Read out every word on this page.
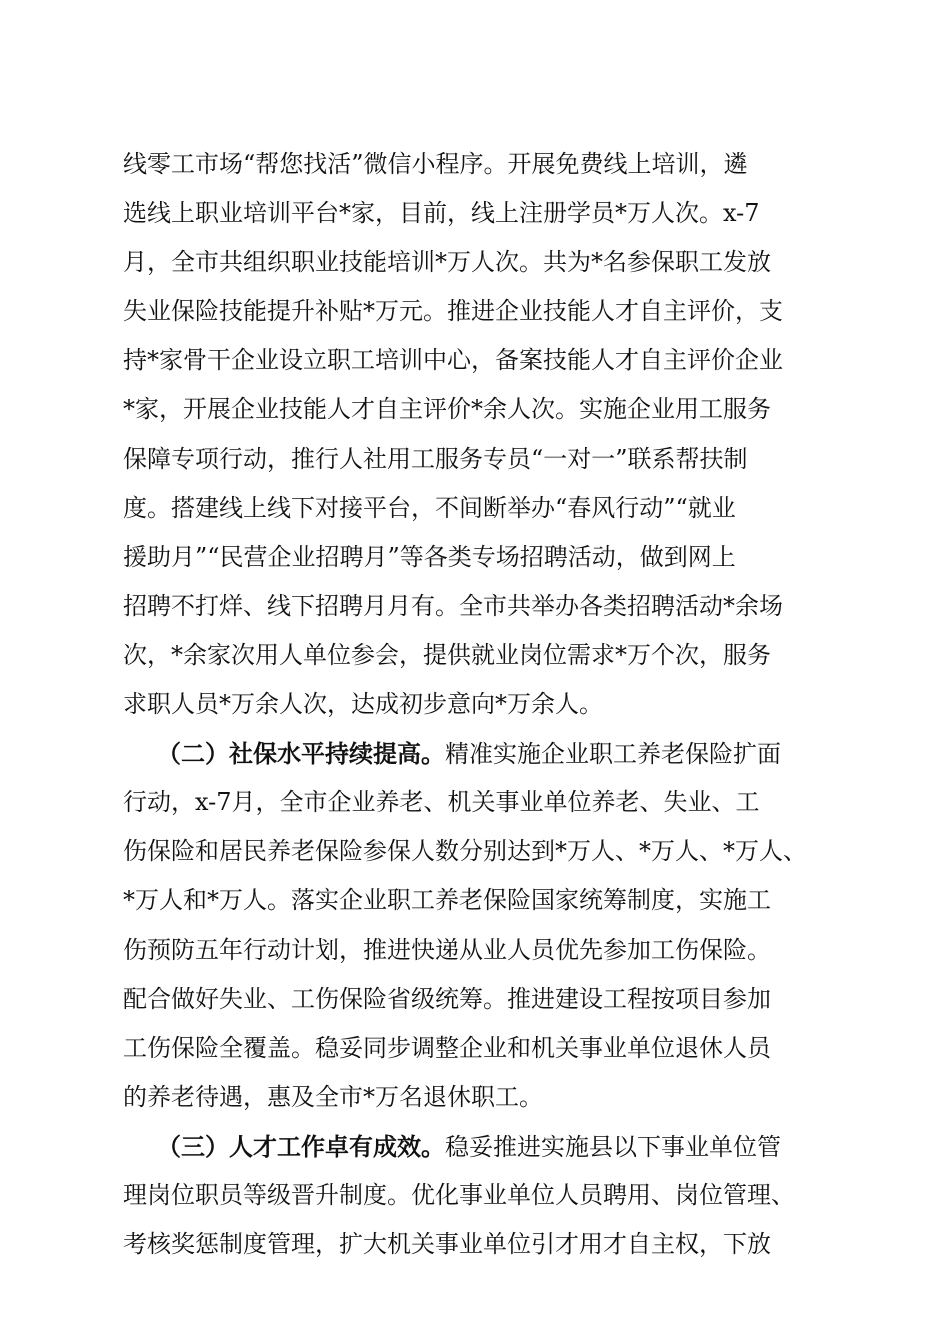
线零工市场“帮您找活”微信小程序。开展免费线上培训，遴
选线上职业培训平台*家，目前，线上注册学员*万人次。x-7
月，全市共组织职业技能培训*万人次。共为*名参保职工发放
失业保险技能提升补贴*万元。推进企业技能人才自主评价，支
持*家骨干企业设立职工培训中心，备案技能人才自主评价企业
*家，开展企业技能人才自主评价*余人次。实施企业用工服务
保障专项行动，推行人社用工服务专员“一对一”联系帮扶制
度。搭建线上线下对接平台，不间断举办“春风行动”“就业
援助月”“民营企业招聘月”等各类专场招聘活动，做到网上
招聘不打烊、线下招聘月月有。全市共举办各类招聘活动*余场
次，*余家次用人单位参会，提供就业岗位需求*万个次，服务
求职人员*万余人次，达成初步意向*万余人。
（二）社保水平持续提高。精准实施企业职工养老保险扩面
行动，x-7月，全市企业养老、机关事业单位养老、失业、工
伤保险和居民养老保险参保人数分别达到*万人、*万人、*万人、
*万人和*万人。落实企业职工养老保险国家统筹制度，实施工
伤预防五年行动计划，推进快递从业人员优先参加工伤保险。
配合做好失业、工伤保险省级统筹。推进建设工程按项目参加
工伤保险全覆盖。稳妥同步调整企业和机关事业单位退休人员
的养老待遇，惠及全市*万名退休职工。
（三）人才工作卓有成效。稳妥推进实施县以下事业单位管
理岗位职员等级晋升制度。优化事业单位人员聘用、岗位管理、
考核奖惩制度管理，扩大机关事业单位引才用才自主权，下放
